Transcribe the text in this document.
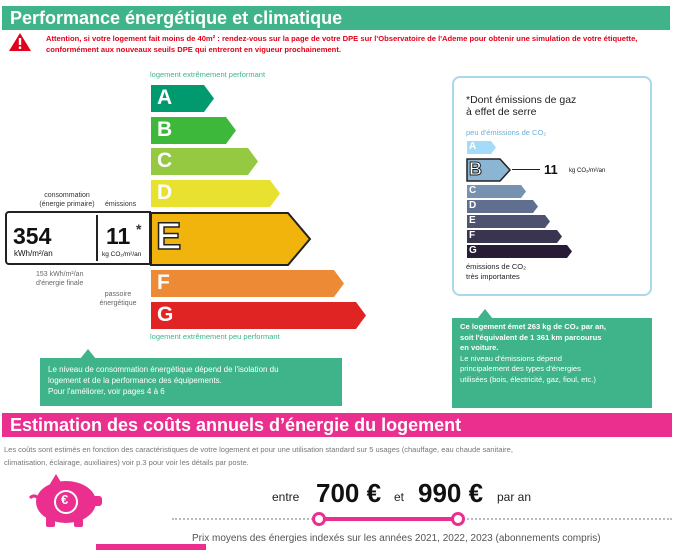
Performance énergétique et climatique
Attention, si votre logement fait moins de 40m² : rendez-vous sur la page de votre DPE sur l'Observatoire de l'Ademe pour obtenir une simulation de votre étiquette,
conformément aux nouveaux seuils DPE qui entreront en vigueur prochainement.
logement extrêmement performant
A
B
C
D
E
F
G
logement extrêmement peu performant
consommation
(énergie primaire) émissions
354
kWh/m²/an
11 *
kg CO₂/m²/an
153 kWh/m²/an
d'énergie finale
passoire
énergétique
Le niveau de consommation énergétique dépend de l'isolation du
logement et de la performance des équipements.
Pour l'améliorer, voir pages 4 à 6
*Dont émissions de gaz
à effet de serre
peu d'émissions de CO₂
A
B
C
D
E
F
G
11 kg CO₂/m²/an
émissions de CO₂
très importantes
Ce logement émet 263 kg de CO₂ par an,
soit l'équivalent de 1 361 km parcourus
en voiture.
Le niveau d'émissions dépend
principalement des types d'énergies
utilisées (bois, électricité, gaz, fioul, etc.)
Estimation des coûts annuels d’énergie du logement
Les coûts sont estimés en fonction des caractéristiques de votre logement et pour une utilisation standard sur 5 usages (chauffage, eau chaude sanitaire,
climatisation, éclairage, auxiliaires) voir p.3 pour voir les détails par poste.
€	entre 700 € et 990 € par an
Prix moyens des énergies indexés sur les années 2021, 2022, 2023 (abonnements compris)
